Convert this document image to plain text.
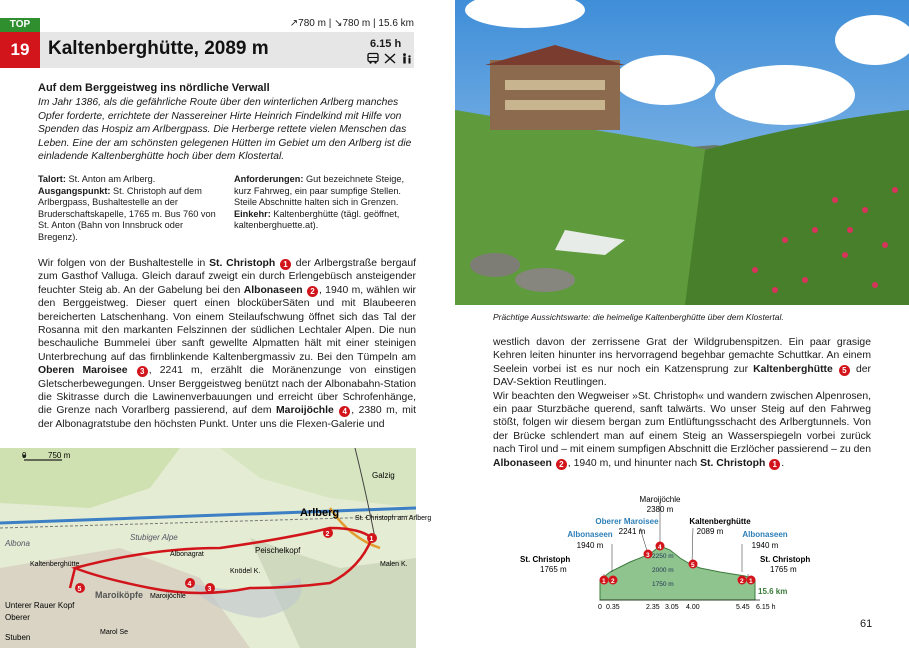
TOP
19 Kaltenberghütte, 2089 m
↗780 m | ↘780 m | 15.6 km
6.15 h

Auf dem Berggeistweg ins nördliche Verwall
Im Jahr 1386, als die gefährliche Route über den winterlichen Arlberg manches Opfer forderte, errichtete der Nassereiner Hirte Heinrich Findelkind mit Hilfe von Spenden das Hospiz am Arlbergpass. Die Herberge rettete vielen Menschen das Leben. Eine der am schönsten gelegenen Hütten im Gebiet um den Arlberg ist die einladende Kaltenberghütte hoch über dem Klostertal.
Talort: St. Anton am Arlberg.
Ausgangspunkt: St. Christoph auf dem Arlbergpass, Bushaltestelle an der Bruderschaftskapelle, 1765 m. Bus 760 von St. Anton (Bahn von Innsbruck oder Bregenz).
Anforderungen: Gut bezeichnete Steige, kurz Fahrweg, ein paar sumpfige Stellen. Steile Abschnitte halten sich in Grenzen.
Einkehr: Kaltenberghütte (tägl. geöffnet, kaltenberghuette.at).
Wir folgen von der Bushaltestelle in St. Christoph 1 der Arlbergstraße bergauf zum Gasthof Valluga. Gleich darauf zweigt ein durch Erlengebüsch ansteigender feuchter Steig ab. An der Gabelung bei den Albonaseen 2 , 1940 m, wählen wir den Berggeistweg. Dieser quert einen blocküberSäten und mit Blaubeeren bereicherten Latschenhang. Von einem Steilaufschwung öffnet sich das Tal der Rosanna mit den markanten Felszinnen der südlichen Lechtaler Alpen. Die nun beschauliche Bummelei über sanft gewellte Alpmatten hält mit einer steinigen Unterbrechung auf das firnblinkende Kaltenbergmassiv zu. Bei den Tümpeln am Oberen Maroisee 3 , 2241 m, erzählt die Moränenzunge von einstigen Gletscherbewegungen. Unser Berggeistweg benützt nach der Albonabahn-Station die Skitrasse durch die Lawinenverbauungen und erreicht über Schrofenhänge, die Grenze nach Vorarlberg passierend, auf dem Maroijöchle 4 , 2380 m, mit der Albonagratstube den höchsten Punkt. Unter uns die Flexen-Galerie und
0	750 m
Arlberg St. Christoph am Arlberg
Galzig
Maroiköpfe
Peischelkopf
Malen K.
Kaltenberghütte
Unterer Rauer Kopf
Oberer
Albonagrat
Knödel K.
Maroijöchle
Stubiger Alpe
Albona
Marol Se
Stuben
1
2
3
4
5
Prächtige Aussichtswarte: die heimelige Kaltenberghütte über dem Klostertal.
westlich davon der zerrissene Grat der Wildgrubenspitzen. Ein paar grasige Kehren leiten hinunter ins hervorragend begehbar gemachte Schuttkar. An einem Seelein vorbei ist es nur noch ein Katzensprung zur Kaltenberghütte 5 der DAV-Sektion Reutlingen.
Wir beachten den Wegweiser »St. Christoph« und wandern zwischen Alpenrosen, ein paar Sturzbäche querend, sanft talwärts. Wo unser Steig auf den Fahrweg stößt, folgen wir diesem bergan zum Entlüftungsschacht des Arlbergtunnels. Von der Brücke schlendert man auf einem Steig an Wasserspiegeln vorbei zurück nach Tirol und – mit einem sumpfigen Abschnitt die Erzlöcher passierend – zu den Albonaseen 2 , 1940 m, und hinunter nach St. Christoph 1 .
Maroijöchle
2380 m
Oberer Maroisee
2241 m
Kaltenberghütte
2089 m
Albonaseen
1940 m
Albonaseen
1940 m
St. Christoph
1765 m
St. Christoph
1765 m
15.6 km
2250 m
2000 m
1750 m
1 2
3
4
5
2 1
0 0.35	2.35 3.05 4.00	5.45 6.15 h
61
